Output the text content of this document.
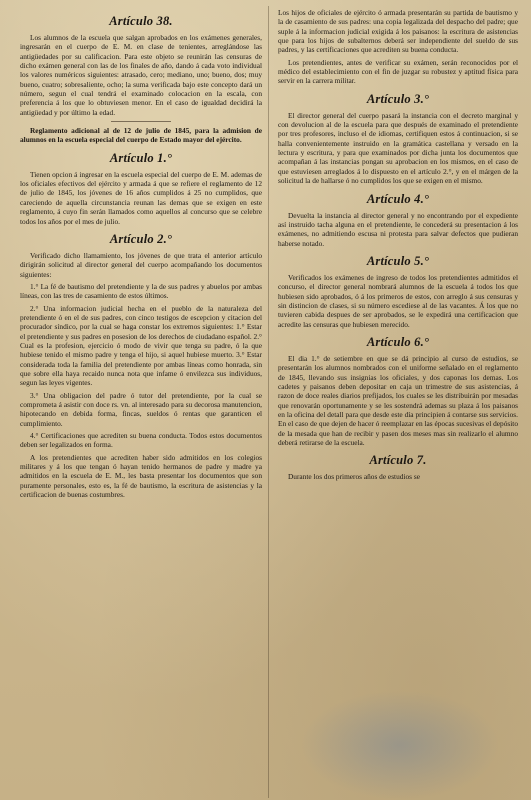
Artículo 38.

Los alumnos de la escuela que salgan aprobados en los exámenes generales, ingresarán en el cuerpo de E. M. en clase de tenientes, arreglándose las antigüedades por su calificacion. Para este objeto se reunirán las censuras de dicho exámen general con las de los finales de año, dando á cada voto individual los valores numéricos siguientes: atrasado, cero; mediano, uno; bueno, dos; muy bueno, cuatro; sobresaliente, ocho; la suma verificada bajo este concepto dará un número, segun el cual tendrá el examinado colocacion en la escala, con preferencia á los que lo obtuviesen menor. En el caso de igualdad decidirá la antigüedad y por último la edad.

Reglamento adicional al de 12 de julio de 1845, para la admision de alumnos en la escuela especial del cuerpo de Estado mayor del ejército.

Artículo 1.°

Tienen opcion á ingresar en la escuela especial del cuerpo de E. M. ademas de los oficiales efectivos del ejército y armada á que se refiere el reglamento de 12 de julio de 1845, los jóvenes de 16 años cumplidos á 25 no cumplidos, que careciendo de aquella circunstancia reunan las demas que se exigen en este reglamento, á cuyo fin serán llamados como aquellos al concurso que se celebre todos los años por el mes de julio.

Artículo 2.°

Verificado dicho llamamiento, los jóvenes de que trata el anterior artículo dirigirán solicitud al director general del cuerpo acompañando los documentos siguientes:

1.° La fé de bautismo del pretendiente y la de sus padres y abuelos por ambas líneas, con las tres de casamiento de estos últimos.

2.° Una informacion judicial hecha en el pueblo de la naturaleza del pretendiente ó en el de sus padres, con cinco testigos de escepcion y citacion del procurador síndico, por la cual se haga constar los extremos siguientes: 1.° Estar el pretendiente y sus padres en posesion de los derechos de ciudadano español. 2.° Cual es la profesion, ejercicio ó modo de vivir que tenga su padre, ó la que hubiese tenido el mismo padre y tenga el hijo, si aquel hubiese muerto. 3.° Estar considerada toda la familia del pretendiente por ambas líneas como honrada, sin que sobre ella haya recaido nunca nota que infame ó envilezca sus individuos, segun las leyes vigentes.

3.° Una obligacion del padre ó tutor del pretendiente, por la cual se comprometa á asistir con doce rs. vn. al interesado para su decorosa manutencion, hipotecando en debida forma, fincas, sueldos ó rentas que garanticen el cumplimiento.

4.° Certificaciones que acrediten su buena conducta. Todos estos documentos deben ser legalizados en forma.

A los pretendientes que acrediten haber sido admitidos en los colegios militares y á los que tengan ó hayan tenido hermanos de padre y madre ya admitidos en la escuela de E. M., les basta presentar los documentos que son puramente personales, esto es, la fé de bautismo, la escritura de asistencias y la certificacion de buenas costumbres.

Los hijos de oficiales de ejército ó armada presentarán su partida de bautismo y la de casamiento de sus padres: una copia legalizada del despacho del padre; que suple á la informacion judicial exigida á los paisanos: la escritura de asistencias que para los hijos de subalternos deberá ser independiente del sueldo de sus padres, y las certificaciones que acrediten su buena conducta.

Los pretendientes, antes de verificar su exámen, serán reconocidos por el médico del establecimiento con el fin de juzgar su robustez y aptitud física para servir en la carrera militar.

Artículo 3.°

El director general del cuerpo pasará la instancia con el decreto marginal y con devolucion al de la escuela para que después de examinado el pretendiente por tres profesores, incluso el de idiomas, certifiquen estos á continuacion, si se halla convenientemente instruido en la gramática castellana y versado en la lectura y escritura, y para que examinados por dicha junta los documentos que acompañan á las instancias pongan su aprobacion en los mismos, en el caso de que estuviesen arreglados á lo dispuesto en el artículo 2.°, y en el márgen de la solicitud la de hallarse ó no cumplidos los que se exigen en el mismo.

Artículo 4.°

Devuelta la instancia al director general y no encontrando por el expediente así instruido tacha alguna en el pretendiente, le concederá su presentacion á los exámenes, no admitiendo escusa ni protesta para salvar defectos que pudieran haberse notado.

Artículo 5.°

Verificados los exámenes de ingreso de todos los pretendientes admitidos el concurso, el director general nombrará alumnos de la escuela á todos los que hubiesen sido aprobados, ó á los primeros de estos, con arreglo á sus censuras y sin distincion de clases, si su número escediese al de las vacantes. Á los que no tuvieren cabida despues de ser aprobados, se le expedirá una certificacion que acredite las censuras que hubiesen merecido.

Artículo 6.°

El dia 1.° de setiembre en que se dá principio al curso de estudios, se presentarán los alumnos nombrados con el uniforme señalado en el reglamento de 1845, llevando sus insignias los oficiales, y dos caponas los demas. Los cadetes y paisanos deben depositar en caja un trimestre de sus asistencias, á razon de doce reales diarios prefijados, los cuales se les distribuirán por mesadas que renovarán oportunamente y se les sostendrá ademas su plaza á los paisanos en la oficina del detall para que desde este día principien á contarse sus servicios. En el caso de que dejen de hacer ó reemplazar en las épocas sucesivas el depósito de la mesada que han de recibir y pasen dos meses mas sin realizarlo el alumno deberá retirarse de la escuela.

Artículo 7.

Durante los dos primeros años de estudios se
